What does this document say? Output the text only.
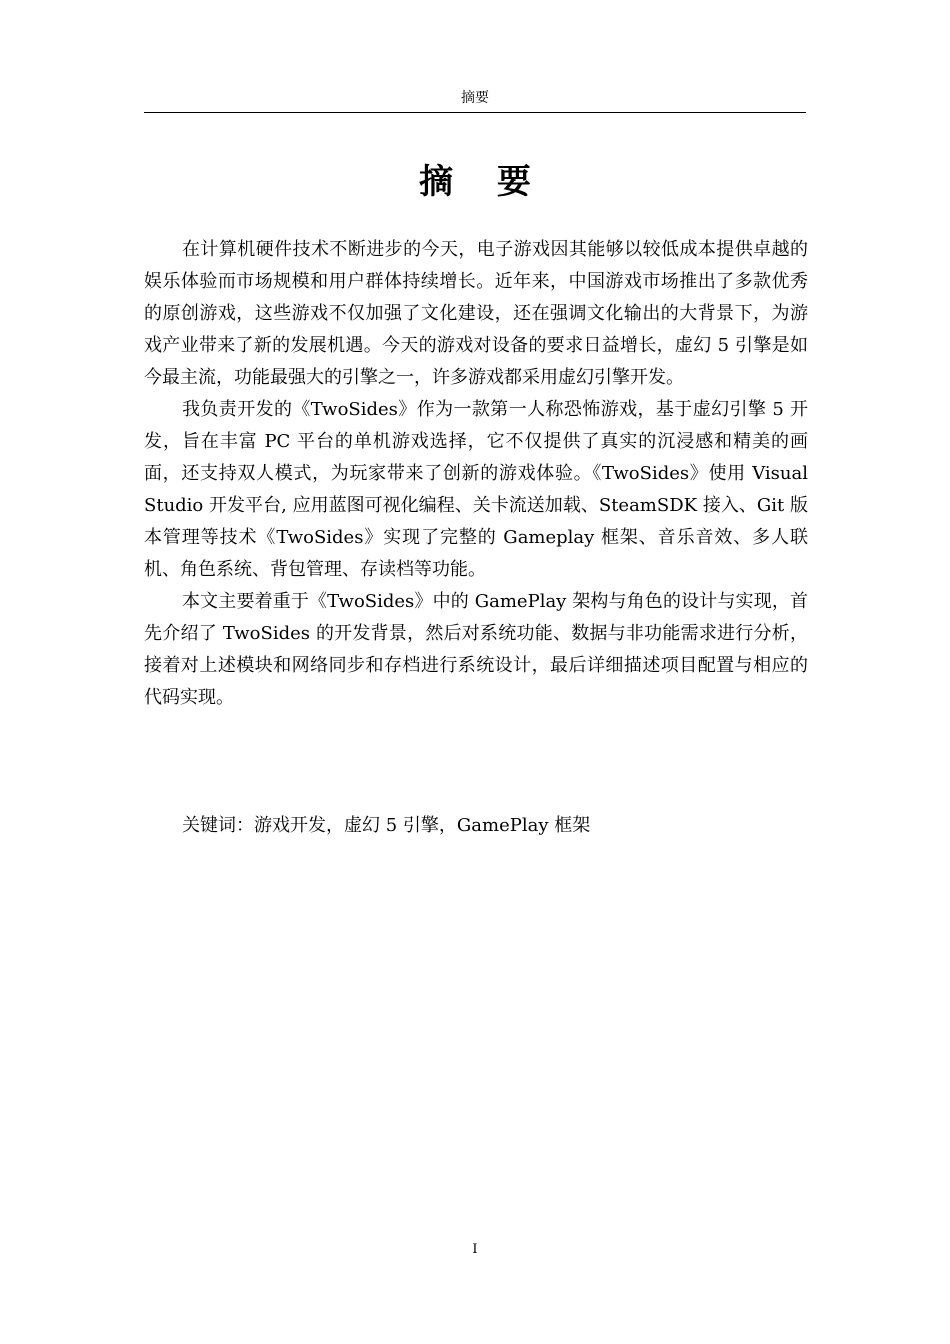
摘要
摘 要

在计算机硬件技术不断进步的今天，电子游戏因其能够以较低成本提供卓越的娱乐体验而市场规模和用户群体持续增长。近年来，中国游戏市场推出了多款优秀的原创游戏，这些游戏不仅加强了文化建设，还在强调文化输出的大背景下，为游戏产业带来了新的发展机遇。今天的游戏对设备的要求日益增长，虚幻 5 引擎是如今最主流，功能最强大的引擎之一，许多游戏都采用虚幻引擎开发。

我负责开发的《TwoSides》作为一款第一人称恐怖游戏，基于虚幻引擎 5 开发，旨在丰富 PC 平台的单机游戏选择，它不仅提供了真实的沉浸感和精美的画面，还支持双人模式，为玩家带来了创新的游戏体验。《TwoSides》使用 Visual Studio 开发平台, 应用蓝图可视化编程、关卡流送加载、SteamSDK 接入、Git 版本管理等技术《TwoSides》实现了完整的 Gameplay 框架、音乐音效、多人联机、角色系统、背包管理、存读档等功能。

本文主要着重于《TwoSides》中的 GamePlay 架构与角色的设计与实现，首先介绍了 TwoSides 的开发背景，然后对系统功能、数据与非功能需求进行分析，接着对上述模块和网络同步和存档进行系统设计，最后详细描述项目配置与相应的代码实现。

关键词：游戏开发，虚幻 5 引擎，GamePlay 框架
I
